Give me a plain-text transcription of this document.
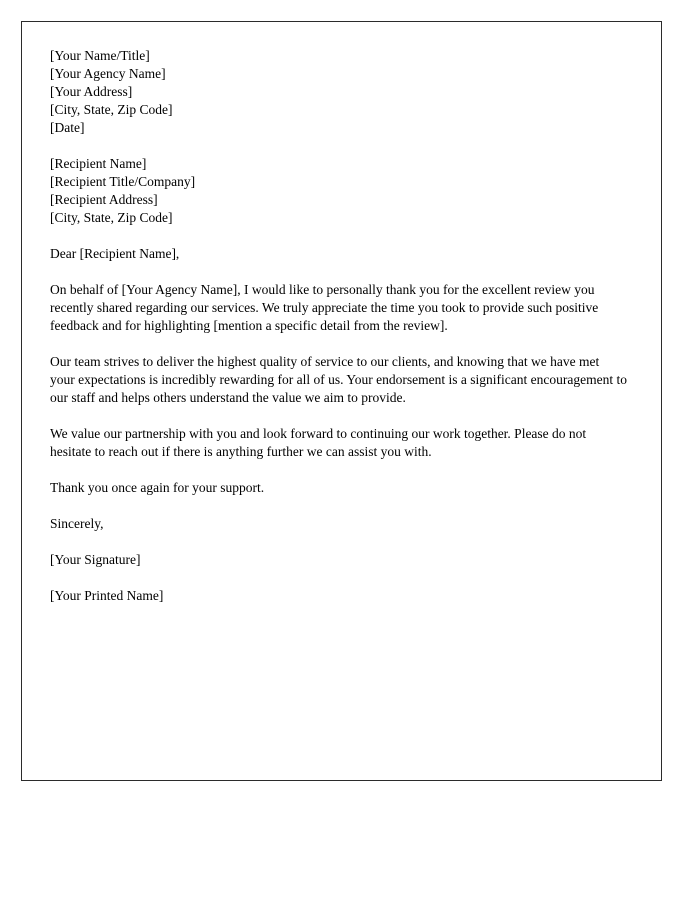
[Your Name/Title]
[Your Agency Name]
[Your Address]
[City, State, Zip Code]
[Date]
[Recipient Name]
[Recipient Title/Company]
[Recipient Address]
[City, State, Zip Code]

Dear [Recipient Name],

On behalf of [Your Agency Name], I would like to personally thank you for the excellent review you recently shared regarding our services. We truly appreciate the time you took to provide such positive feedback and for highlighting [mention a specific detail from the review].

Our team strives to deliver the highest quality of service to our clients, and knowing that we have met your expectations is incredibly rewarding for all of us. Your endorsement is a significant encouragement to our staff and helps others understand the value we aim to provide.

We value our partnership with you and look forward to continuing our work together. Please do not hesitate to reach out if there is anything further we can assist you with.

Thank you once again for your support.

Sincerely,

[Your Signature]

[Your Printed Name]
